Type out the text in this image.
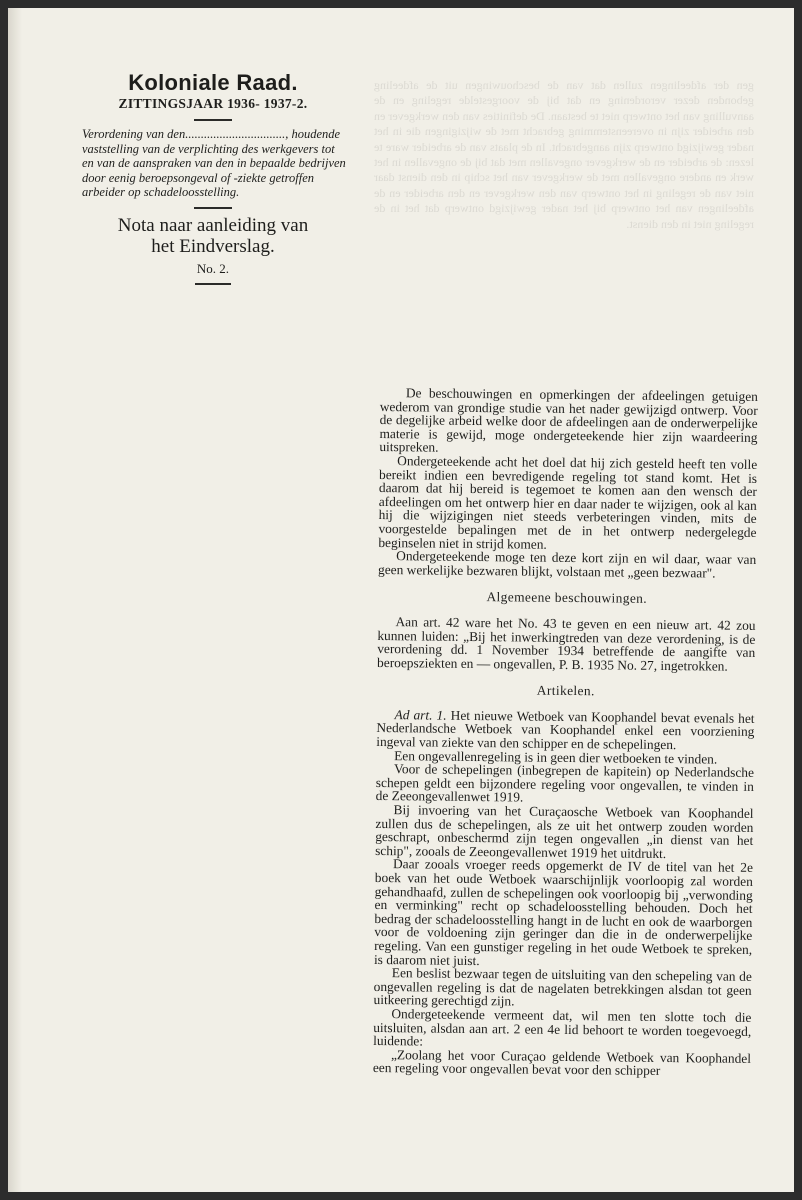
gen der afdeelingen zullen dat van de beschouwingen uit de afdeeling gebonden dezer verordening en dat bij de voorgestelde regeling en de aanvulling van het ontwerp niet te bestaan. De definities van den werkgever en den arbeider zijn in overeenstemming gebracht met de wijzigingen die in het nader gewijzigd ontwerp zijn aangebracht. In de plaats van de arbeider ware te lezen: de arbeider en de werkgever ongevallen met dat bij de ongevallen in het werk en andere ongevallen met de werkgever van het schip in den dienst daar niet van de regeling in het ontwerp van den werkgever en den arbeider en de afdeelingen van het ontwerp bij het nader gewijzigd ontwerp dat het in de regeling niet in den dienst.
Koloniale Raad.
ZITTINGSJAAR 1936- 1937-2.

Verordening van den................................, houdende vaststelling van de verplichting des werkgevers tot en van de aanspraken van den in bepaalde bedrijven door eenig beroepsongeval of -ziekte getroffen arbeider op schadeloosstelling.

Nota naar aanleiding van
het Eindverslag.
No. 2.

De beschouwingen en opmerkingen der afdeelingen getuigen wederom van grondige studie van het nader gewijzigd ontwerp. Voor de degelijke arbeid welke door de afdeelingen aan de onderwerpelijke materie is gewijd, moge ondergeteekende hier zijn waardeering uitspreken.

Ondergeteekende acht het doel dat hij zich gesteld heeft ten volle bereikt indien een bevredigende regeling tot stand komt. Het is daarom dat hij bereid is tegemoet te komen aan den wensch der afdeelingen om het ontwerp hier en daar nader te wijzigen, ook al kan hij die wijzigingen niet steeds verbeteringen vinden, mits de voorgestelde bepalingen met de in het ontwerp nedergelegde beginselen niet in strijd komen.

Ondergeteekende moge ten deze kort zijn en wil daar, waar van geen werkelijke bezwaren blijkt, volstaan met „geen bezwaar".

Algemeene beschouwingen.

Aan art. 42 ware het No. 43 te geven en een nieuw art. 42 zou kunnen luiden: „Bij het inwerkingtreden van deze verordening, is de verordening dd. 1 November 1934 betreffende de aangifte van beroepsziekten en — ongevallen, P. B. 1935 No. 27, ingetrokken.

Artikelen.

Ad art. 1. Het nieuwe Wetboek van Koophandel bevat evenals het Nederlandsche Wetboek van Koophandel enkel een voorziening ingeval van ziekte van den schipper en de schepelingen.

Een ongevallenregeling is in geen dier wetboeken te vinden.

Voor de schepelingen (inbegrepen de kapitein) op Nederlandsche schepen geldt een bijzondere regeling voor ongevallen, te vinden in de Zeeongevallenwet 1919.

Bij invoering van het Curaçaosche Wetboek van Koophandel zullen dus de schepelingen, als ze uit het ontwerp zouden worden geschrapt, onbeschermd zijn tegen ongevallen „in dienst van het schip", zooals de Zeeongevallenwet 1919 het uitdrukt.

Daar zooals vroeger reeds opgemerkt de IV de titel van het 2e boek van het oude Wetboek waarschijnlijk voorloopig zal worden gehandhaafd, zullen de schepelingen ook voorloopig bij „verwonding en verminking" recht op schadeloosstelling behouden. Doch het bedrag der schadeloosstelling hangt in de lucht en ook de waarborgen voor de voldoening zijn geringer dan die in de onderwerpelijke regeling. Van een gunstiger regeling in het oude Wetboek te spreken, is daarom niet juist.

Een beslist bezwaar tegen de uitsluiting van den schepeling van de ongevallen regeling is dat de nagelaten betrekkingen alsdan tot geen uitkeering gerechtigd zijn.

Ondergeteekende vermeent dat, wil men ten slotte toch die uitsluiten, alsdan aan art. 2 een 4e lid behoort te worden toegevoegd, luidende:

„Zoolang het voor Curaçao geldende Wetboek van Koophandel een regeling voor ongevallen bevat voor den schipper
